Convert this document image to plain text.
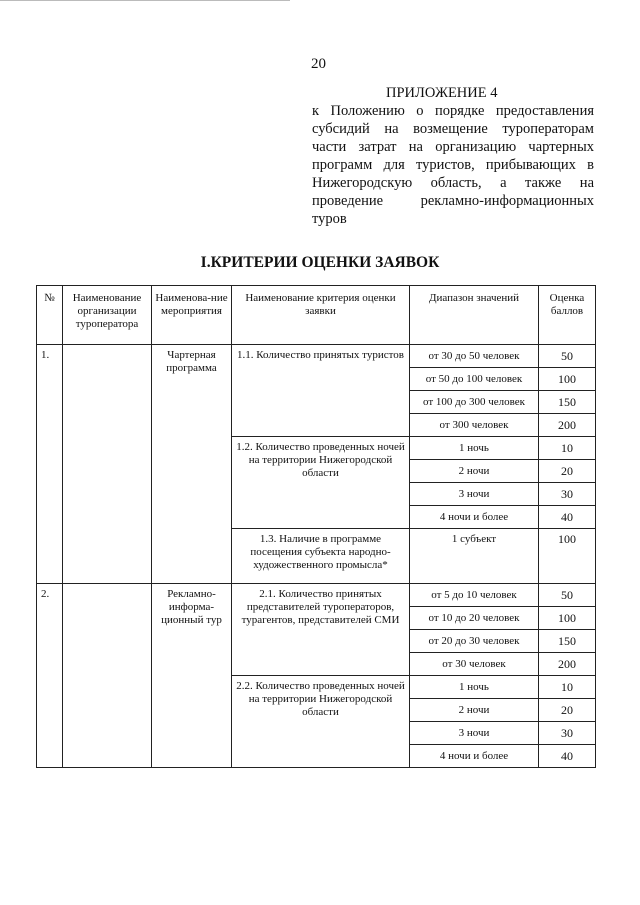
20
ПРИЛОЖЕНИЕ 4
к Положению о порядке предоставления субсидий на возмещение туроператорам части затрат на организацию чартерных программ для туристов, прибывающих в Нижегородскую область, а также на проведение рекламно-информационных туров
I.КРИТЕРИИ ОЦЕНКИ ЗАЯВОК
№	Наименование организации туроператора	Наименова-ние мероприятия	Наименование критерия оценки заявки	Диапазон значений	Оценка баллов
1.		Чартерная программа	1.1. Количество принятых туристов	от 30 до 50 человек	50
				от 50 до 100 человек	100
				от 100 до 300 человек	150
				от 300 человек	200
			1.2. Количество проведенных ночей на территории Нижегородской области	1 ночь	10
				2 ночи	20
				3 ночи	30
				4 ночи и более	40
			1.3. Наличие в программе посещения субъекта народно-художественного промысла*	1 субъект	100
2.		Рекламно-информа-ционный тур	2.1. Количество принятых представителей туроператоров, турагентов, представителей СМИ	от 5 до 10 человек	50
				от 10 до 20 человек	100
				от 20 до 30 человек	150
				от 30 человек	200
			2.2. Количество проведенных ночей на территории Нижегородской области	1 ночь	10
				2 ночи	20
				3 ночи	30
				4 ночи и более	40
